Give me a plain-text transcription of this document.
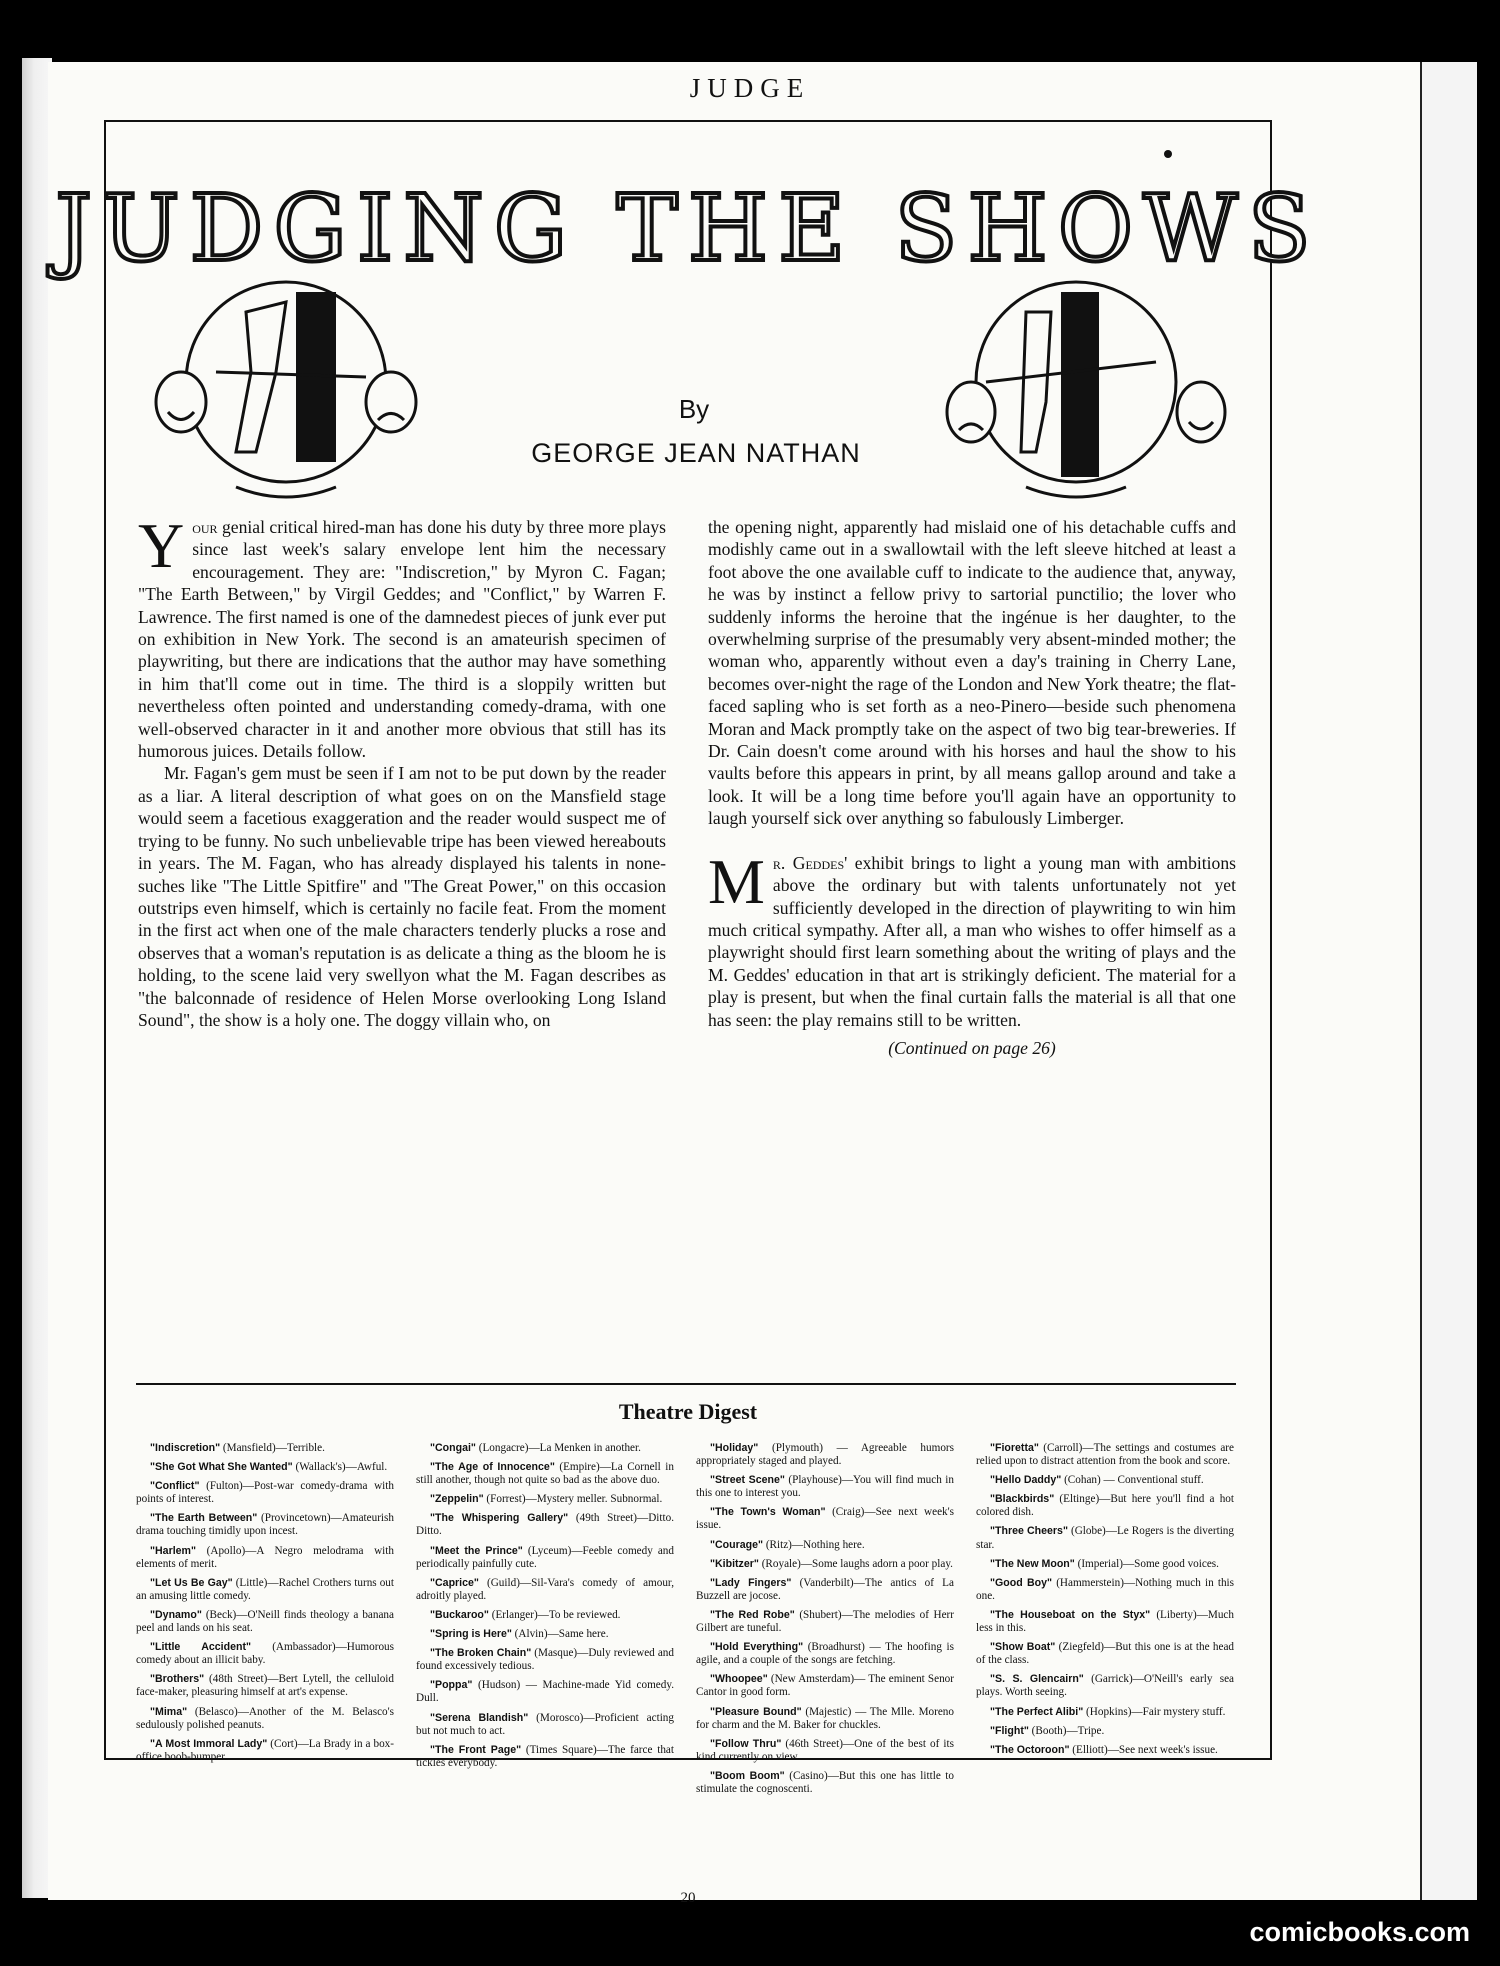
JUDGE
JUDGING THE SHOWS
By
GEORGE JEAN NATHAN

Your genial critical hired-man has done his duty by three more plays since last week's salary envelope lent him the necessary encouragement. They are: "Indiscretion," by Myron C. Fagan; "The Earth Between," by Virgil Geddes; and "Conflict," by Warren F. Lawrence. The first named is one of the damnedest pieces of junk ever put on exhibition in New York. The second is an amateurish specimen of playwriting, but there are indications that the author may have something in him that'll come out in time. The third is a sloppily written but nevertheless often pointed and understanding comedy-drama, with one well-observed character in it and another more obvious that still has its humorous juices. Details follow.

Mr. Fagan's gem must be seen if I am not to be put down by the reader as a liar. A literal description of what goes on on the Mansfield stage would seem a facetious exaggeration and the reader would suspect me of trying to be funny. No such unbelievable tripe has been viewed hereabouts in years. The M. Fagan, who has already displayed his talents in none-suches like "The Little Spitfire" and "The Great Power," on this occasion outstrips even himself, which is certainly no facile feat. From the moment in the first act when one of the male characters tenderly plucks a rose and observes that a woman's reputation is as delicate a thing as the bloom he is holding, to the scene laid very swellyon what the M. Fagan describes as "the balconnade of residence of Helen Morse overlooking Long Island Sound", the show is a holy one. The doggy villain who, on

the opening night, apparently had mislaid one of his detachable cuffs and modishly came out in a swallowtail with the left sleeve hitched at least a foot above the one available cuff to indicate to the audience that, anyway, he was by instinct a fellow privy to sartorial punctilio; the lover who suddenly informs the heroine that the ingénue is her daughter, to the overwhelming surprise of the presumably very absent-minded mother; the woman who, apparently without even a day's training in Cherry Lane, becomes over-night the rage of the London and New York theatre; the flat-faced sapling who is set forth as a neo-Pinero—beside such phenomena Moran and Mack promptly take on the aspect of two big tear-breweries. If Dr. Cain doesn't come around with his horses and haul the show to his vaults before this appears in print, by all means gallop around and take a look. It will be a long time before you'll again have an opportunity to laugh yourself sick over anything so fabulously Limberger.

Mr. Geddes' exhibit brings to light a young man with ambitions above the ordinary but with talents unfortunately not yet sufficiently developed in the direction of playwriting to win him much critical sympathy. After all, a man who wishes to offer himself as a playwright should first learn something about the writing of plays and the M. Geddes' education in that art is strikingly deficient. The material for a play is present, but when the final curtain falls the material is all that one has seen: the play remains still to be written.

(Continued on page 26)
Theatre Digest
"Indiscretion" (Mansfield)—Terrible.
"She Got What She Wanted" (Wallack's)—Awful.
"Conflict" (Fulton)—Post-war comedy-drama with points of interest.
"The Earth Between" (Provincetown)—Amateurish drama touching timidly upon incest.
"Harlem" (Apollo)—A Negro melodrama with elements of merit.
"Let Us Be Gay" (Little)—Rachel Crothers turns out an amusing little comedy.
"Dynamo" (Beck)—O'Neill finds theology a banana peel and lands on his seat.
"Little Accident" (Ambassador)—Humorous comedy about an illicit baby.
"Brothers" (48th Street)—Bert Lytell, the celluloid face-maker, pleasuring himself at art's expense.
"Mima" (Belasco)—Another of the M. Belasco's sedulously polished peanuts.
"A Most Immoral Lady" (Cort)—La Brady in a box-office boob-bumper.
"Congai" (Longacre)—La Menken in another.
"The Age of Innocence" (Empire)—La Cornell in still another, though not quite so bad as the above duo.
"Zeppelin" (Forrest)—Mystery meller. Subnormal.
"The Whispering Gallery" (49th Street)—Ditto. Ditto.
"Meet the Prince" (Lyceum)—Feeble comedy and periodically painfully cute.
"Caprice" (Guild)—Sil-Vara's comedy of amour, adroitly played.
"Buckaroo" (Erlanger)—To be reviewed.
"Spring is Here" (Alvin)—Same here.
"The Broken Chain" (Masque)—Duly reviewed and found excessively tedious.
"Poppa" (Hudson) — Machine-made Yid comedy. Dull.
"Serena Blandish" (Morosco)—Proficient acting but not much to act.
"The Front Page" (Times Square)—The farce that tickles everybody.
"Holiday" (Plymouth) — Agreeable humors appropriately staged and played.
"Street Scene" (Playhouse)—You will find much in this one to interest you.
"The Town's Woman" (Craig)—See next week's issue.
"Courage" (Ritz)—Nothing here.
"Kibitzer" (Royale)—Some laughs adorn a poor play.
"Lady Fingers" (Vanderbilt)—The antics of La Buzzell are jocose.
"The Red Robe" (Shubert)—The melodies of Herr Gilbert are tuneful.
"Hold Everything" (Broadhurst) — The hoofing is agile, and a couple of the songs are fetching.
"Whoopee" (New Amsterdam)— The eminent Senor Cantor in good form.
"Pleasure Bound" (Majestic) — The Mlle. Moreno for charm and the M. Baker for chuckles.
"Follow Thru" (46th Street)—One of the best of its kind currently on view.
"Boom Boom" (Casino)—But this one has little to stimulate the cognoscenti.
"Fioretta" (Carroll)—The settings and costumes are relied upon to distract attention from the book and score.
"Hello Daddy" (Cohan) — Conventional stuff.
"Blackbirds" (Eltinge)—But here you'll find a hot colored dish.
"Three Cheers" (Globe)—Le Rogers is the diverting star.
"The New Moon" (Imperial)—Some good voices.
"Good Boy" (Hammerstein)—Nothing much in this one.
"The Houseboat on the Styx" (Liberty)—Much less in this.
"Show Boat" (Ziegfeld)—But this one is at the head of the class.
"S. S. Glencairn" (Garrick)—O'Neill's early sea plays. Worth seeing.
"The Perfect Alibi" (Hopkins)—Fair mystery stuff.
"Flight" (Booth)—Tripe.
"The Octoroon" (Elliott)—See next week's issue.
20
comicbooks.com
